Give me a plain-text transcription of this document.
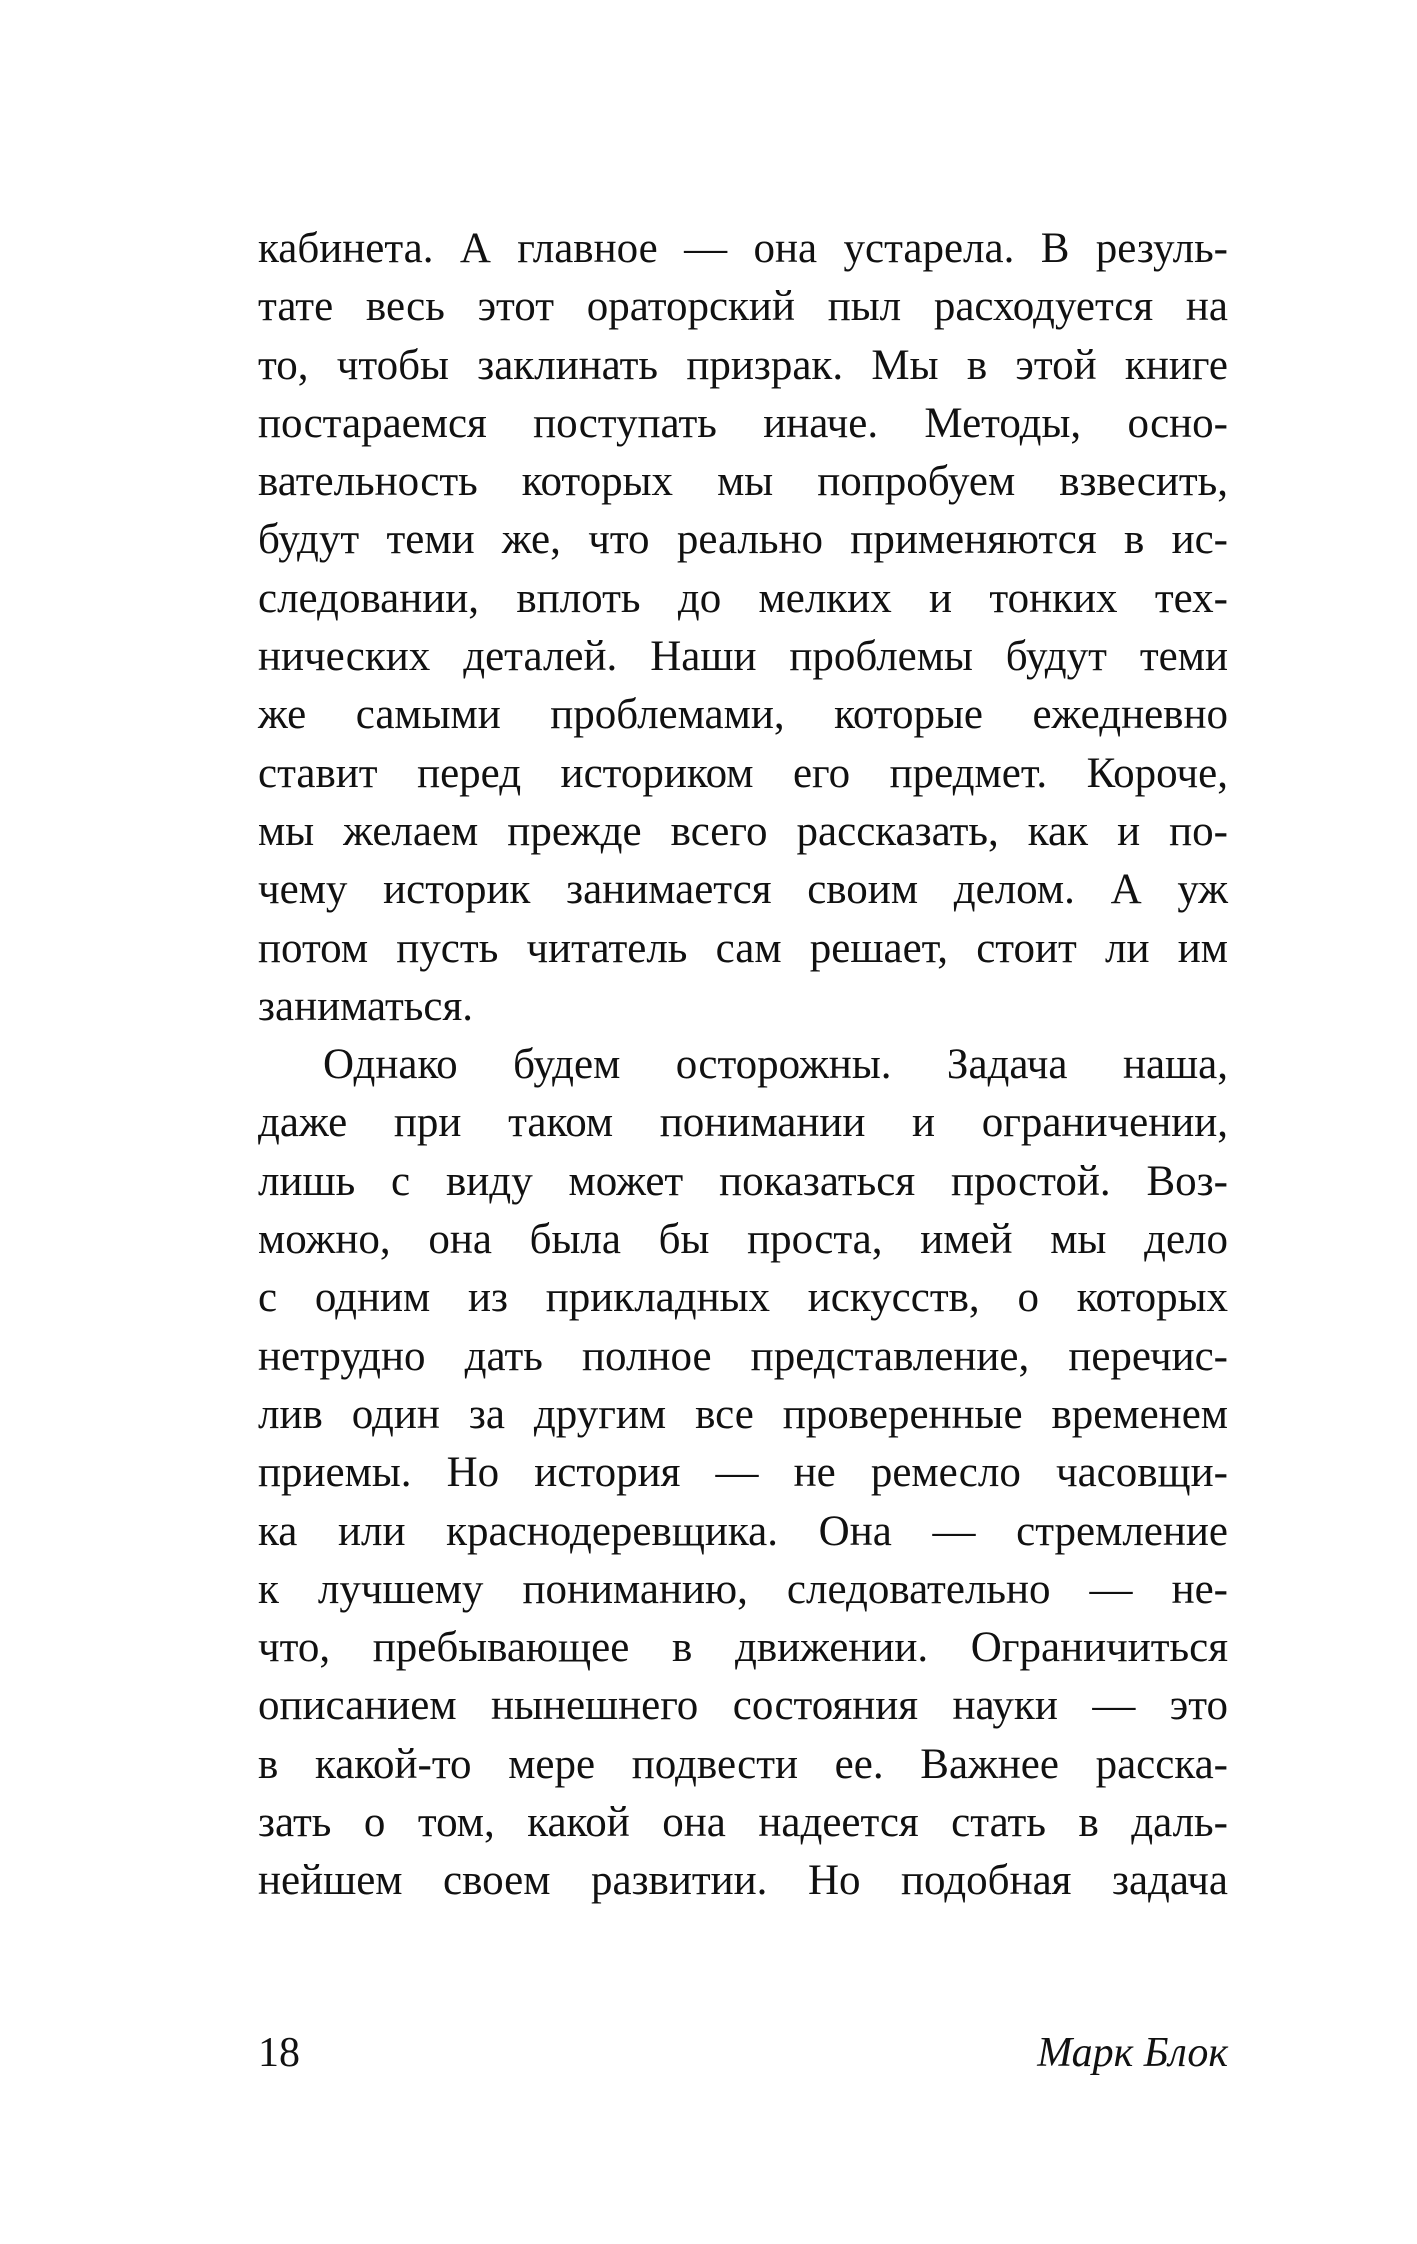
кабинета. А главное — она устарела. В резуль-
тате весь этот ораторский пыл расходуется на
то, чтобы заклинать призрак. Мы в этой книге
постараемся поступать иначе. Методы, осно-
вательность которых мы попробуем взвесить,
будут теми же, что реально применяются в ис-
следовании, вплоть до мелких и тонких тех-
нических деталей. Наши проблемы будут теми
же самыми проблемами, которые ежедневно
ставит перед историком его предмет. Короче,
мы желаем прежде всего рассказать, как и по-
чему историк занимается своим делом. А уж
потом пусть читатель сам решает, стоит ли им
заниматься.
Однако будем осторожны. Задача наша,
даже при таком понимании и ограничении,
лишь с виду может показаться простой. Воз-
можно, она была бы проста, имей мы дело
с одним из прикладных искусств, о которых
нетрудно дать полное представление, перечис-
лив один за другим все проверенные временем
приемы. Но история — не ремесло часовщи-
ка или краснодеревщика. Она — стремление
к лучшему пониманию, следовательно — не-
что, пребывающее в движении. Ограничиться
описанием нынешнего состояния науки — это
в какой-то мере подвести ее. Важнее расска-
зать о том, какой она надеется стать в даль-
нейшем своем развитии. Но подобная задача
18	Марк Блок
